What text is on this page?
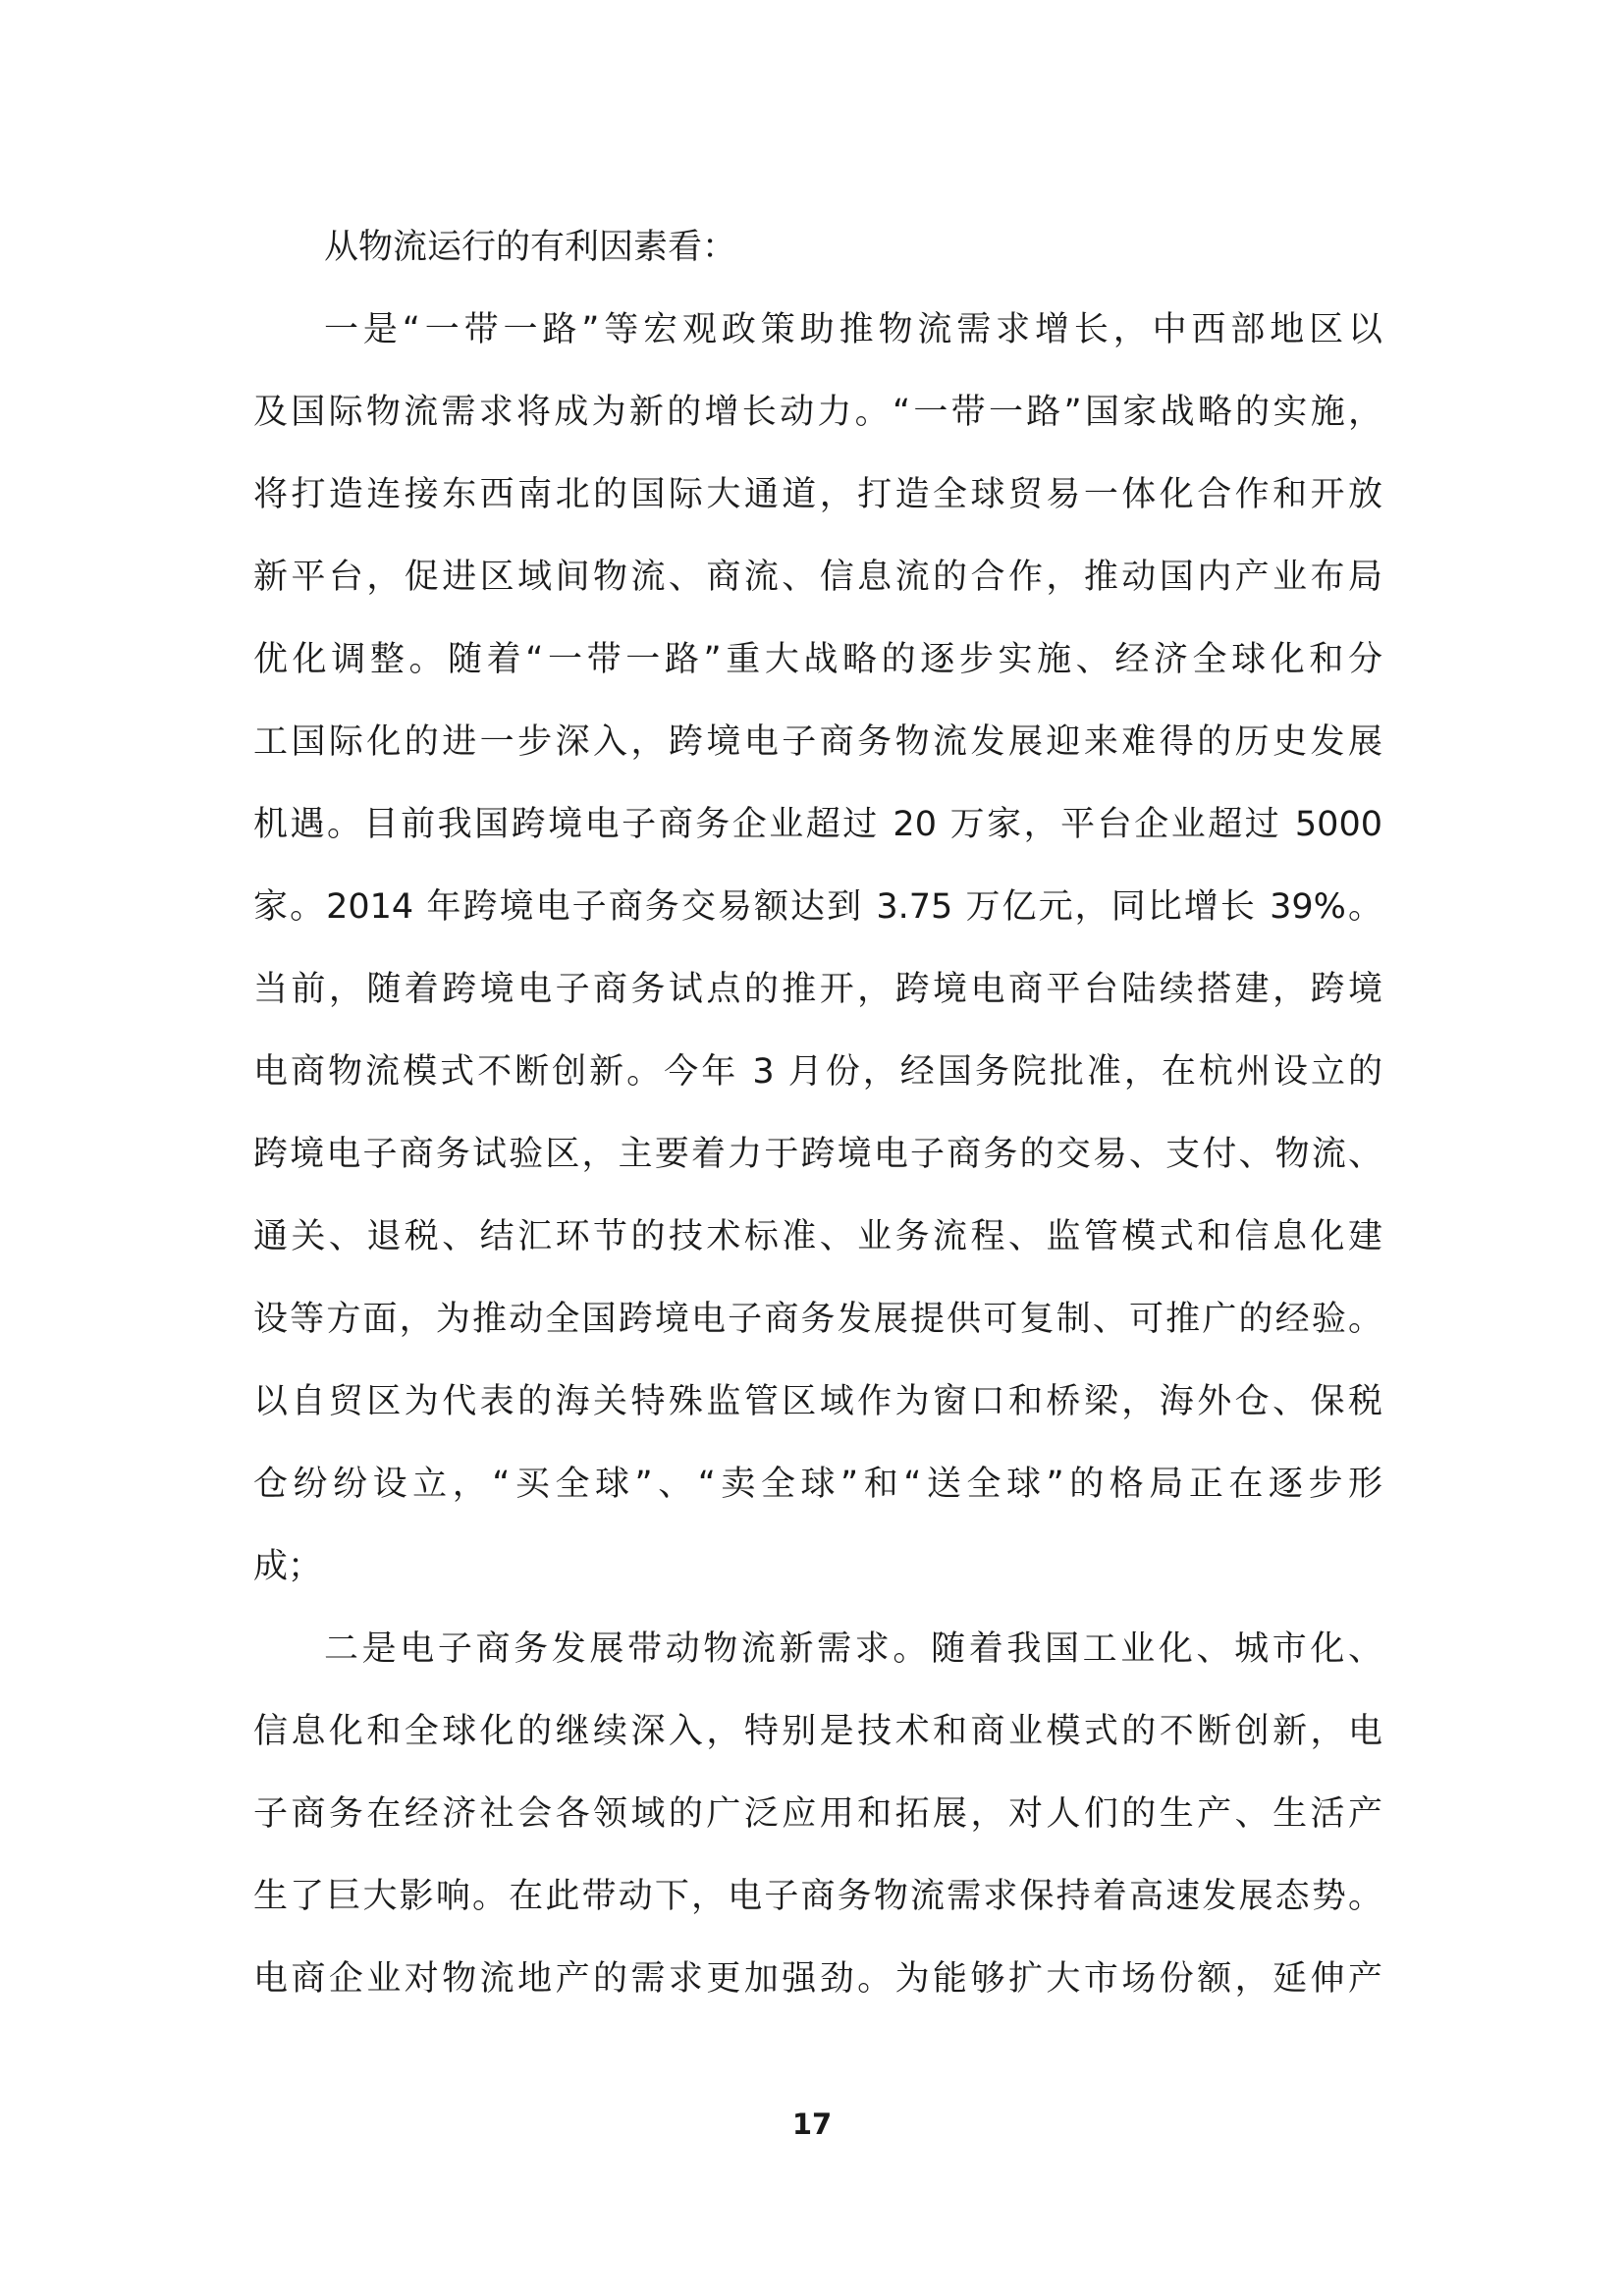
从物流运行的有利因素看：
一是“一带一路”等宏观政策助推物流需求增长，中西部地区以
及国际物流需求将成为新的增长动力。“一带一路”国家战略的实施，
将打造连接东西南北的国际大通道，打造全球贸易一体化合作和开放
新平台，促进区域间物流、商流、信息流的合作，推动国内产业布局
优化调整。随着“一带一路”重大战略的逐步实施、经济全球化和分
工国际化的进一步深入，跨境电子商务物流发展迎来难得的历史发展
机遇。目前我国跨境电子商务企业超过 20 万家，平台企业超过 5000
家。2014 年跨境电子商务交易额达到 3.75 万亿元，同比增长 39%。
当前，随着跨境电子商务试点的推开，跨境电商平台陆续搭建，跨境
电商物流模式不断创新。今年 3 月份，经国务院批准，在杭州设立的
跨境电子商务试验区，主要着力于跨境电子商务的交易、支付、物流、
通关、退税、结汇环节的技术标准、业务流程、监管模式和信息化建
设等方面，为推动全国跨境电子商务发展提供可复制、可推广的经验。
以自贸区为代表的海关特殊监管区域作为窗口和桥梁，海外仓、保税
仓纷纷设立，“买全球”、“卖全球”和“送全球”的格局正在逐步形
成；
二是电子商务发展带动物流新需求。随着我国工业化、城市化、
信息化和全球化的继续深入，特别是技术和商业模式的不断创新，电
子商务在经济社会各领域的广泛应用和拓展，对人们的生产、生活产
生了巨大影响。在此带动下，电子商务物流需求保持着高速发展态势。
电商企业对物流地产的需求更加强劲。为能够扩大市场份额，延伸产
17
